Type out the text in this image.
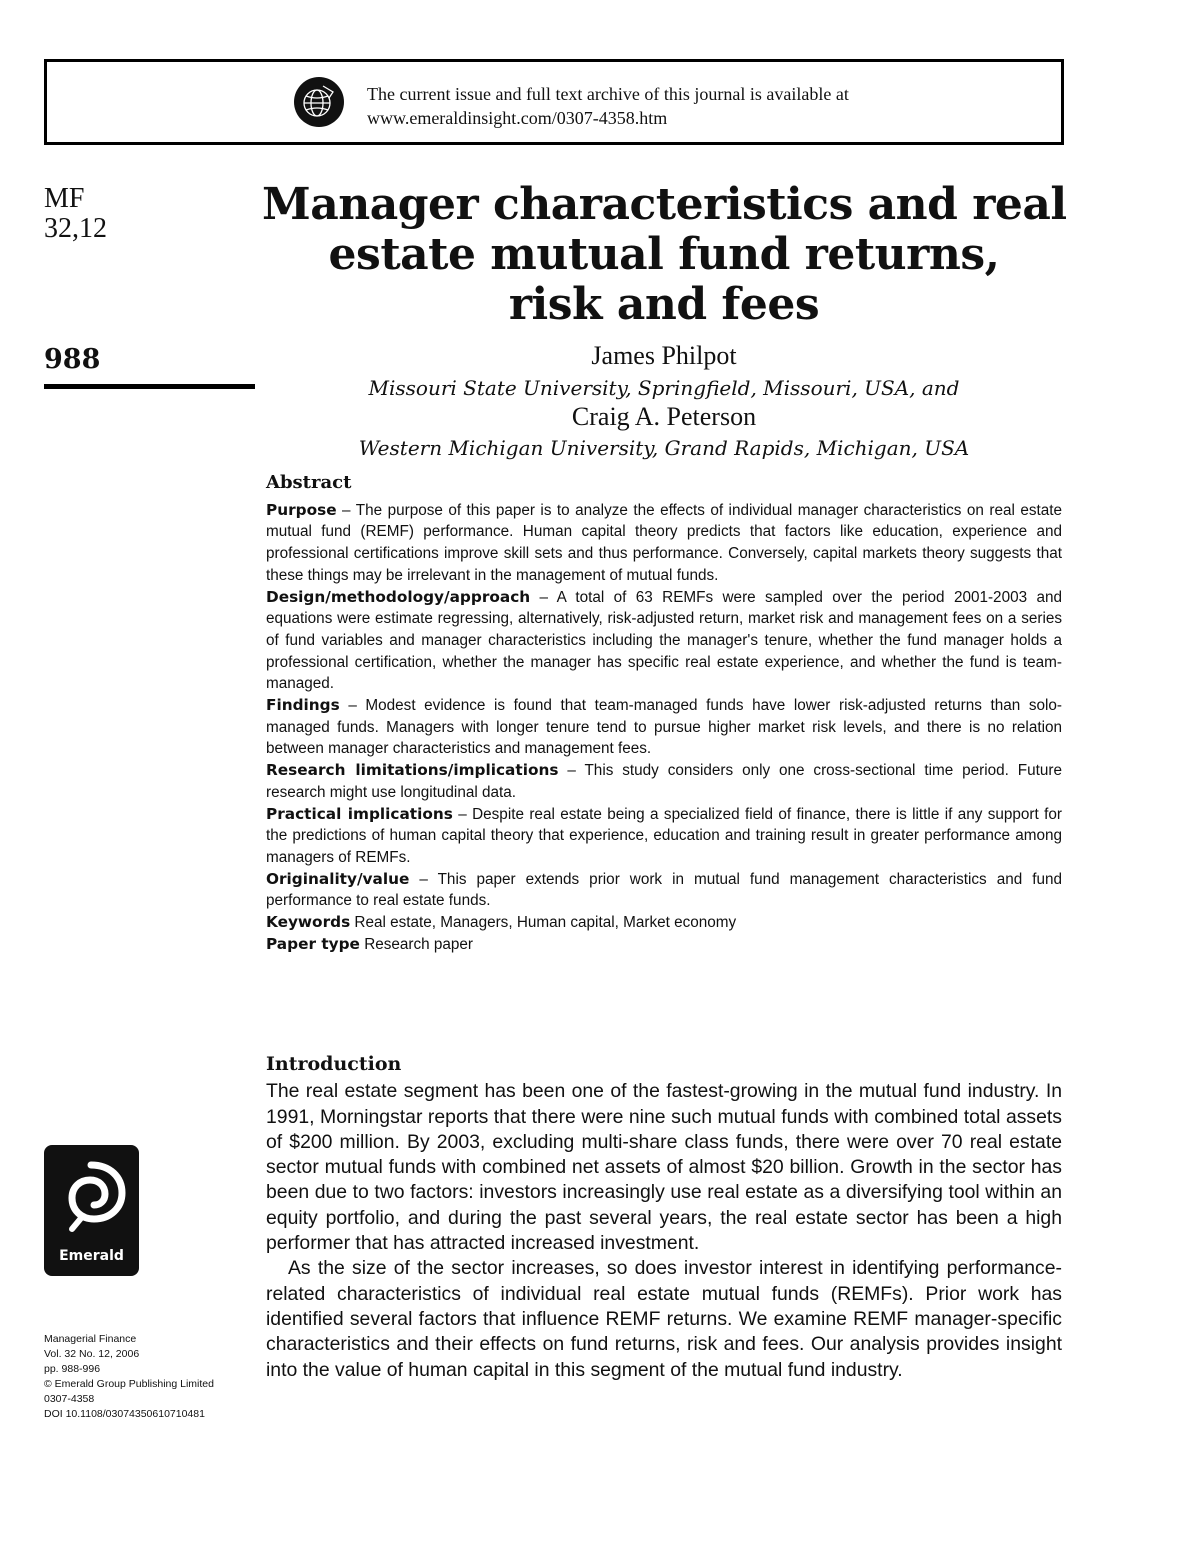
The current issue and full text archive of this journal is available at
www.emeraldinsight.com/0307-4358.htm
MF
32,12
988
Manager characteristics and real
estate mutual fund returns,
risk and fees
James Philpot
Missouri State University, Springfield, Missouri, USA, and
Craig A. Peterson
Western Michigan University, Grand Rapids, Michigan, USA
Abstract

Purpose – The purpose of this paper is to analyze the effects of individual manager characteristics on real estate mutual fund (REMF) performance. Human capital theory predicts that factors like education, experience and professional certifications improve skill sets and thus performance. Conversely, capital markets theory suggests that these things may be irrelevant in the management of mutual funds.

Design/methodology/approach – A total of 63 REMFs were sampled over the period 2001-2003 and equations were estimate regressing, alternatively, risk-adjusted return, market risk and management fees on a series of fund variables and manager characteristics including the manager's tenure, whether the fund manager holds a professional certification, whether the manager has specific real estate experience, and whether the fund is team-managed.

Findings – Modest evidence is found that team-managed funds have lower risk-adjusted returns than solo-managed funds. Managers with longer tenure tend to pursue higher market risk levels, and there is no relation between manager characteristics and management fees.

Research limitations/implications – This study considers only one cross-sectional time period. Future research might use longitudinal data.

Practical implications – Despite real estate being a specialized field of finance, there is little if any support for the predictions of human capital theory that experience, education and training result in greater performance among managers of REMFs.

Originality/value – This paper extends prior work in mutual fund management characteristics and fund performance to real estate funds.

Keywords Real estate, Managers, Human capital, Market economy

Paper type Research paper

Introduction

The real estate segment has been one of the fastest-growing in the mutual fund industry. In 1991, Morningstar reports that there were nine such mutual funds with combined total assets of $200 million. By 2003, excluding multi-share class funds, there were over 70 real estate sector mutual funds with combined net assets of almost $20 billion. Growth in the sector has been due to two factors: investors increasingly use real estate as a diversifying tool within an equity portfolio, and during the past several years, the real estate sector has been a high performer that has attracted increased investment.

As the size of the sector increases, so does investor interest in identifying performance-related characteristics of individual real estate mutual funds (REMFs). Prior work has identified several factors that influence REMF returns. We examine REMF manager-specific characteristics and their effects on fund returns, risk and fees. Our analysis provides insight into the value of human capital in this segment of the mutual fund industry.

Emerald
Managerial Finance
Vol. 32 No. 12, 2006
pp. 988-996
© Emerald Group Publishing Limited
0307-4358
DOI 10.1108/03074350610710481
